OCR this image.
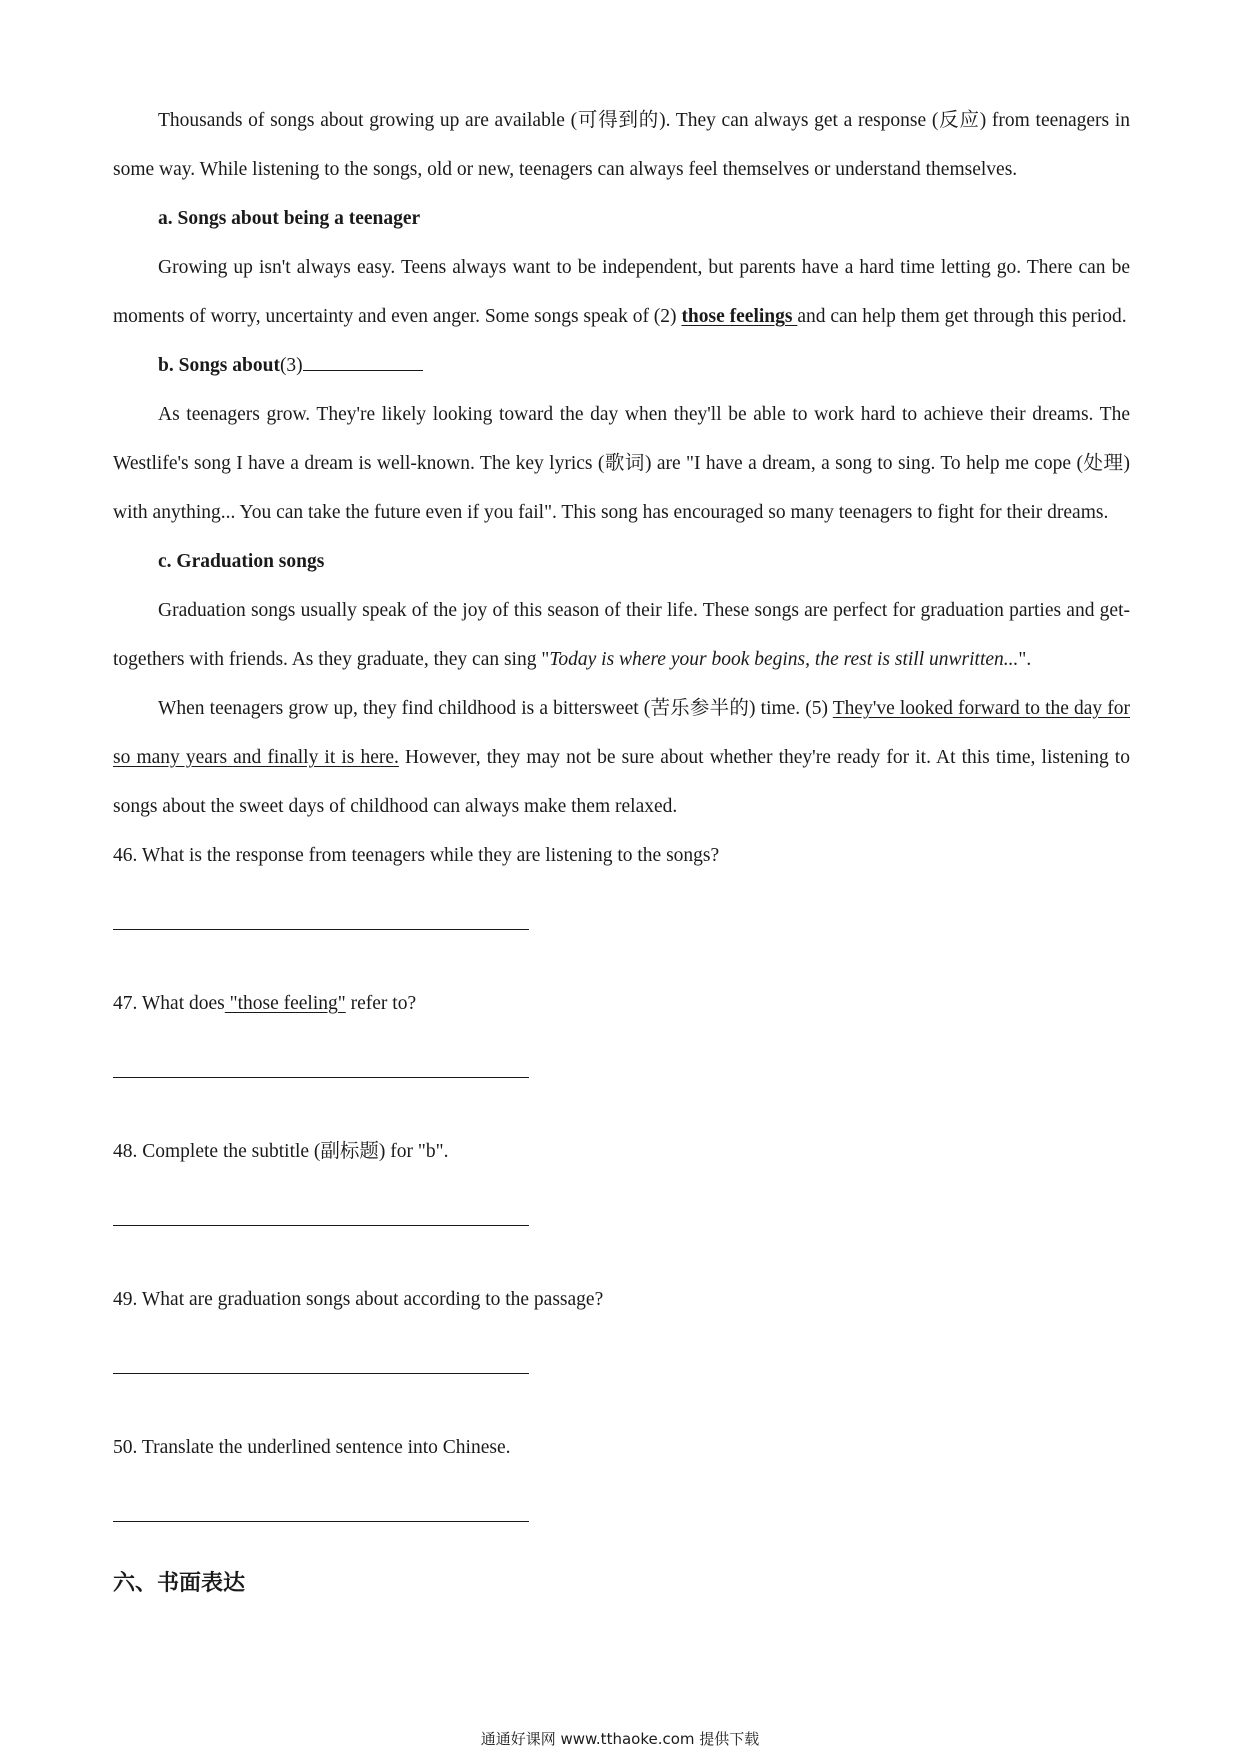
Thousands of songs about growing up are available (可得到的). They can always get a response (反应) from teenagers in some way. While listening to the songs, old or new, teenagers can always feel themselves or understand themselves.

a. Songs about being a teenager

Growing up isn't always easy. Teens always want to be independent, but parents have a hard time letting go. There can be moments of worry, uncertainty and even anger. Some songs speak of (2) those feelings and can help them get through this period.

b. Songs about(3)

As teenagers grow. They're likely looking toward the day when they'll be able to work hard to achieve their dreams. The Westlife's song I have a dream is well-known. The key lyrics (歌词) are "I have a dream, a song to sing. To help me cope (处理) with anything... You can take the future even if you fail". This song has encouraged so many teenagers to fight for their dreams.

c. Graduation songs

Graduation songs usually speak of the joy of this season of their life. These songs are perfect for graduation parties and get-togethers with friends. As they graduate, they can sing "Today is where your book begins, the rest is still unwritten...".

When teenagers grow up, they find childhood is a bittersweet (苦乐参半的) time. (5) They've looked forward to the day for so many years and finally it is here. However, they may not be sure about whether they're ready for it. At this time, listening to songs about the sweet days of childhood can always make them relaxed.

46. What is the response from teenagers while they are listening to the songs?

47. What does "those feeling" refer to?

48. Complete the subtitle (副标题) for "b".

49. What are graduation songs about according to the passage?

50. Translate the underlined sentence into Chinese.

六、书面表达

通通好课网 www.tthaoke.com 提供下载
